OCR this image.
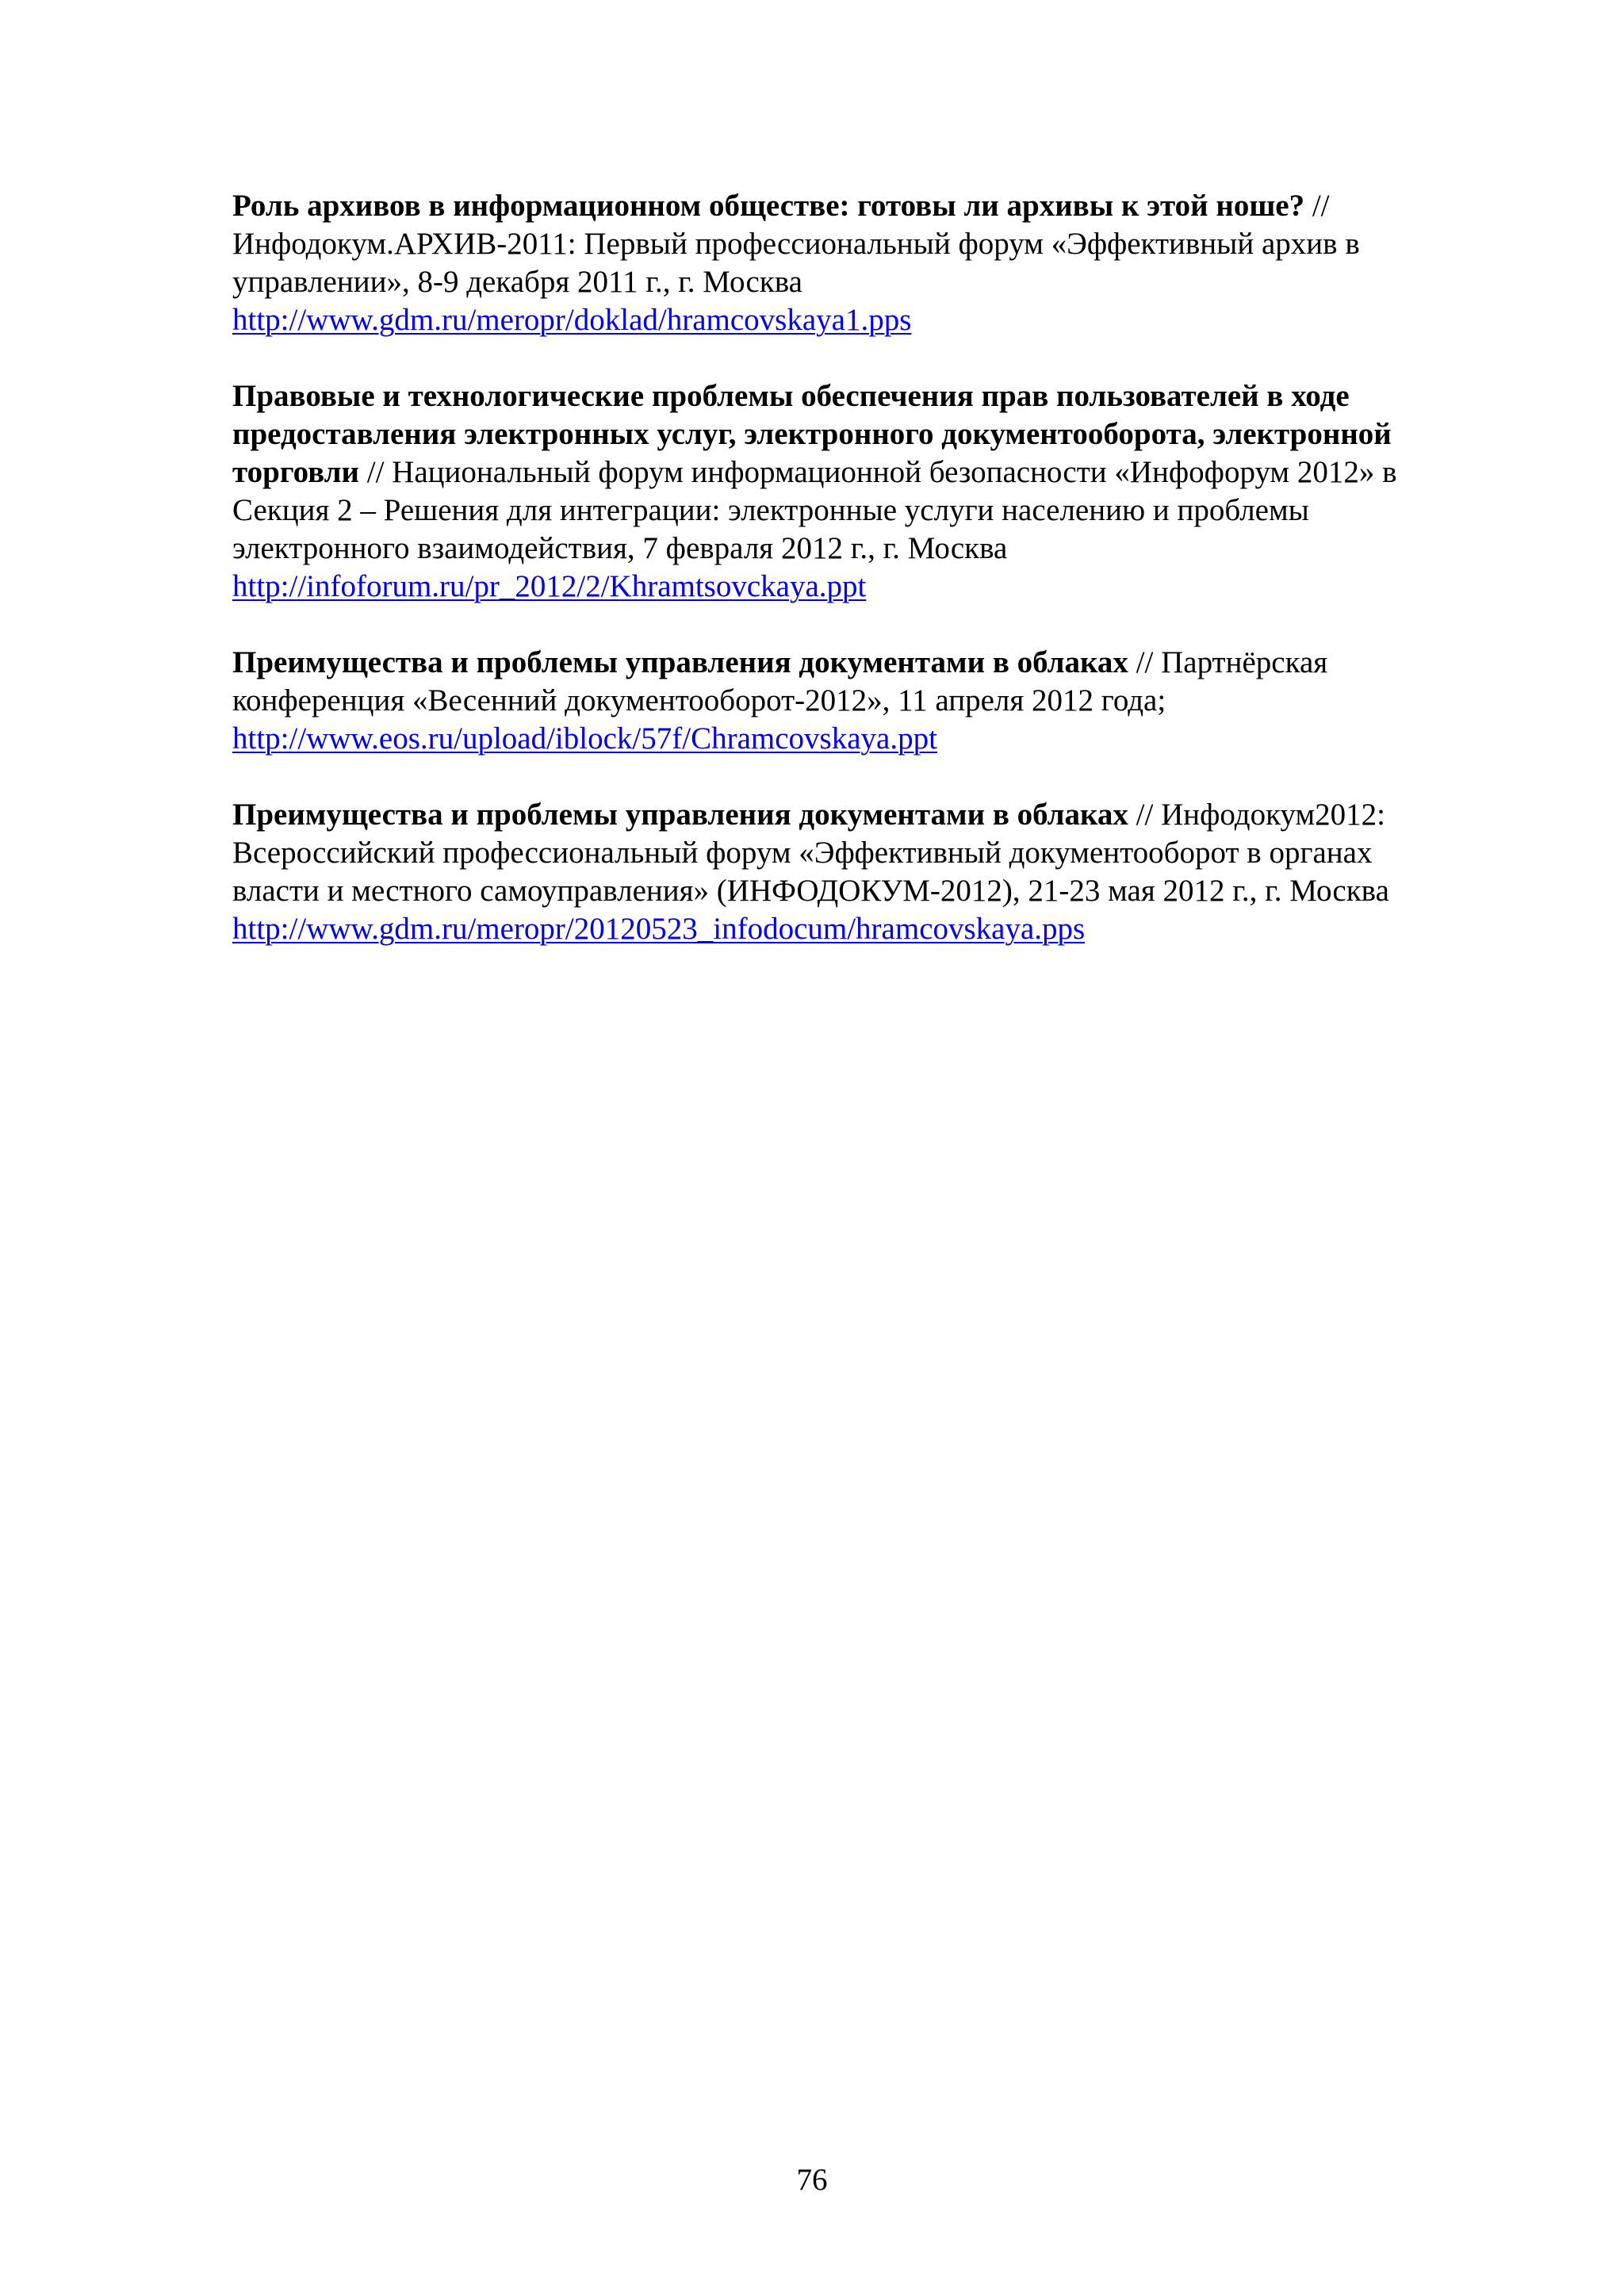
Роль архивов в информационном обществе: готовы ли архивы к этой ноше? //
Инфодокум.АРХИВ-2011: Первый профессиональный форум «Эффективный архив в
управлении», 8-9 декабря 2011 г., г. Москва
http://www.gdm.ru/meropr/doklad/hramcovskaya1.pps
Правовые и технологические проблемы обеспечения прав пользователей в ходе
предоставления электронных услуг, электронного документооборота, электронной
торговли // Национальный форум информационной безопасности «Инфофорум 2012» в
Секция 2 – Решения для интеграции: электронные услуги населению и проблемы
электронного взаимодействия, 7 февраля 2012 г., г. Москва
http://infoforum.ru/pr_2012/2/Khramtsovckaya.ppt
Преимущества и проблемы управления документами в облаках // Партнёрская
конференция «Весенний документооборот-2012», 11 апреля 2012 года;
http://www.eos.ru/upload/iblock/57f/Chramcovskaya.ppt
Преимущества и проблемы управления документами в облаках // Инфодокум2012:
Всероссийский профессиональный форум «Эффективный документооборот в органах
власти и местного самоуправления» (ИНФОДОКУМ-2012), 21-23 мая 2012 г., г. Москва
http://www.gdm.ru/meropr/20120523_infodocum/hramcovskaya.pps
76
